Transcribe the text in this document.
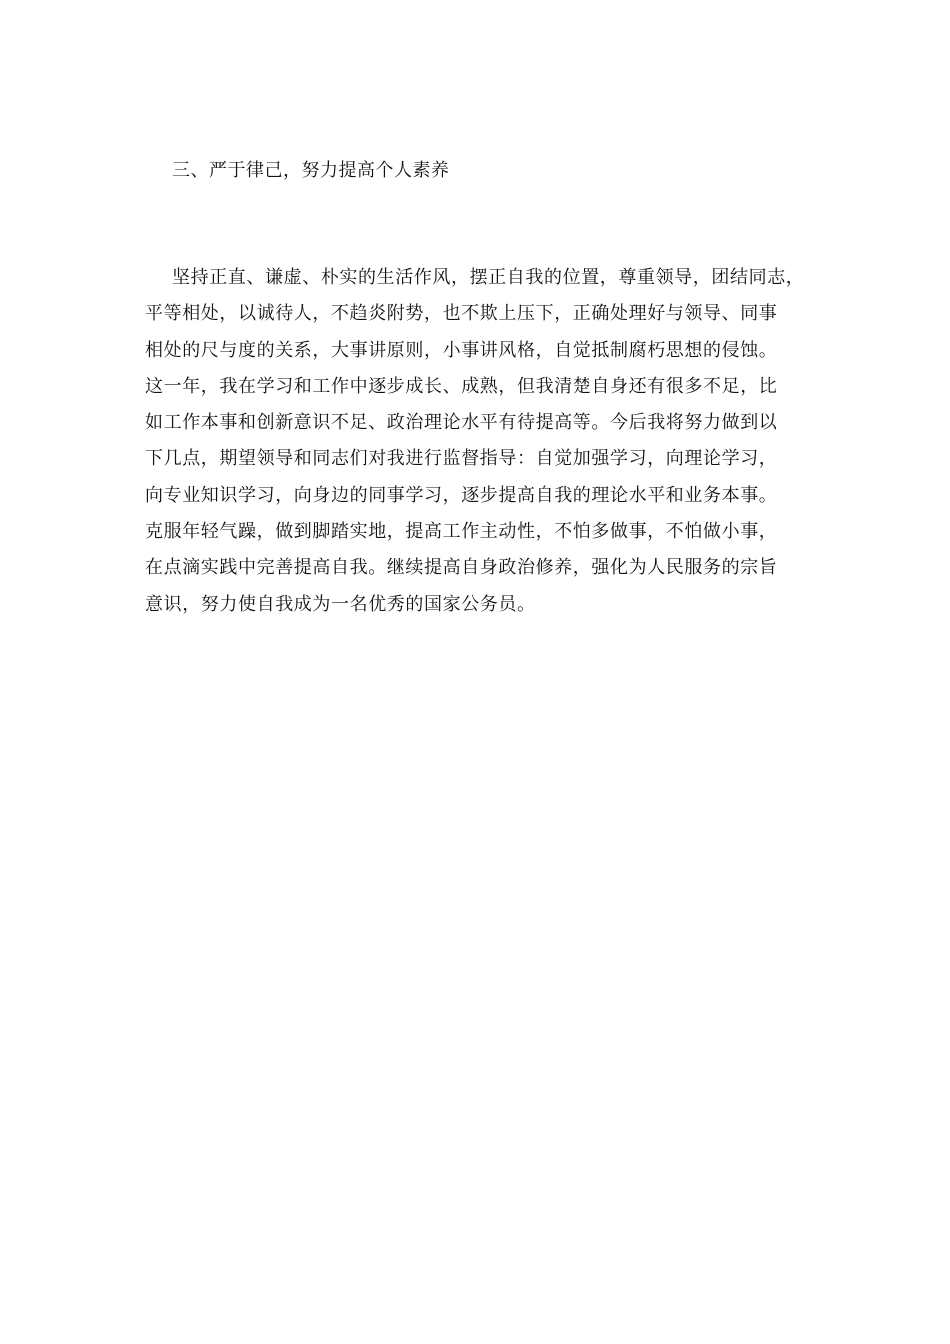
三、严于律己，努力提高个人素养
坚持正直、谦虚、朴实的生活作风，摆正自我的位置，尊重领导，团结同志，
平等相处，以诚待人，不趋炎附势，也不欺上压下，正确处理好与领导、同事
相处的尺与度的关系，大事讲原则，小事讲风格，自觉抵制腐朽思想的侵蚀。
这一年，我在学习和工作中逐步成长、成熟，但我清楚自身还有很多不足，比
如工作本事和创新意识不足、政治理论水平有待提高等。今后我将努力做到以
下几点，期望领导和同志们对我进行监督指导：自觉加强学习，向理论学习，
向专业知识学习，向身边的同事学习，逐步提高自我的理论水平和业务本事。
克服年轻气躁，做到脚踏实地，提高工作主动性，不怕多做事，不怕做小事，
在点滴实践中完善提高自我。继续提高自身政治修养，强化为人民服务的宗旨
意识，努力使自我成为一名优秀的国家公务员。
